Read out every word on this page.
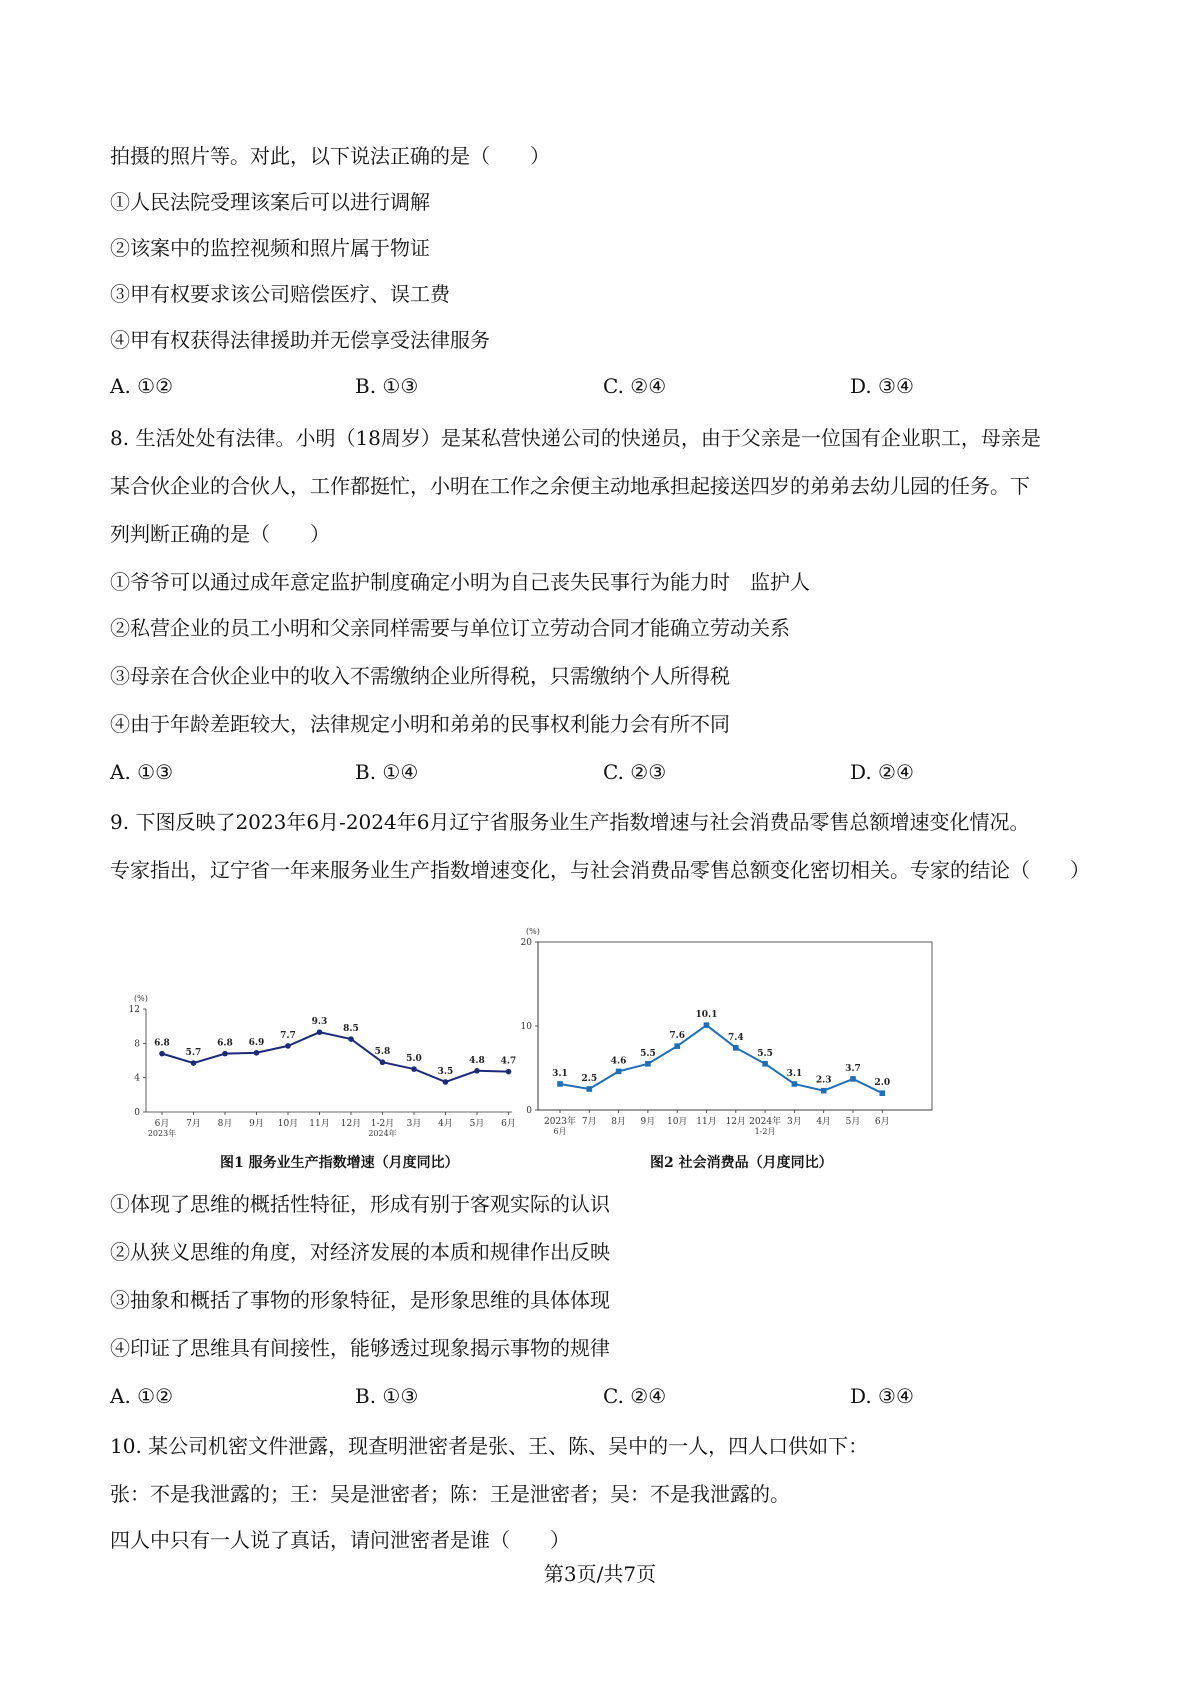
拍摄的照片等。对此，以下说法正确的是（　　）
①人民法院受理该案后可以进行调解
②该案中的监控视频和照片属于物证
③甲有权要求该公司赔偿医疗、误工费
④甲有权获得法律援助并无偿享受法律服务
A. ①②	B. ①③	C. ②④	D. ③④
8. 生活处处有法律。小明（18周岁）是某私营快递公司的快递员，由于父亲是一位国有企业职工，母亲是
某合伙企业的合伙人，工作都挺忙，小明在工作之余便主动地承担起接送四岁的弟弟去幼儿园的任务。下
列判断正确的是（　　）
①爷爷可以通过成年意定监护制度确定小明为自己丧失民事行为能力时　监护人
②私营企业的员工小明和父亲同样需要与单位订立劳动合同才能确立劳动关系
③母亲在合伙企业中的收入不需缴纳企业所得税，只需缴纳个人所得税
④由于年龄差距较大，法律规定小明和弟弟的民事权利能力会有所不同
A. ①③	B. ①④	C. ②③	D. ②④
9. 下图反映了2023年6月-2024年6月辽宁省服务业生产指数增速与社会消费品零售总额增速变化情况。
专家指出，辽宁省一年来服务业生产指数增速变化，与社会消费品零售总额变化密切相关。专家的结论（　　）
0
4
8
12
(%)
6月 7月 8月 9月 10月 11月 12月 1-2月 3月 4月 5月 6月
2023年	2024年
6.8
5.7
6.8 6.9
7.7
9.3
8.5
5.8
5.0
3.5
4.8 4.7
图1 服务业生产指数增速（月度同比）
0
10
20
(%)
2023年 7月 8月 9月 10月 11月 12月 2024年 3月 4月 5月 6月
6月	1-2月
3.1
2.5
4.6
5.5
7.6
10.1
7.4
5.5
3.1
2.3
3.7
2.0
图2 社会消费品（月度同比）
①体现了思维的概括性特征，形成有别于客观实际的认识
②从狭义思维的角度，对经济发展的本质和规律作出反映
③抽象和概括了事物的形象特征，是形象思维的具体体现
④印证了思维具有间接性，能够透过现象揭示事物的规律
A. ①②	B. ①③	C. ②④	D. ③④
10. 某公司机密文件泄露，现查明泄密者是张、王、陈、吴中的一人，四人口供如下：
张：不是我泄露的；王：吴是泄密者；陈：王是泄密者；吴：不是我泄露的。
四人中只有一人说了真话，请问泄密者是谁（　　）
第3页/共7页
